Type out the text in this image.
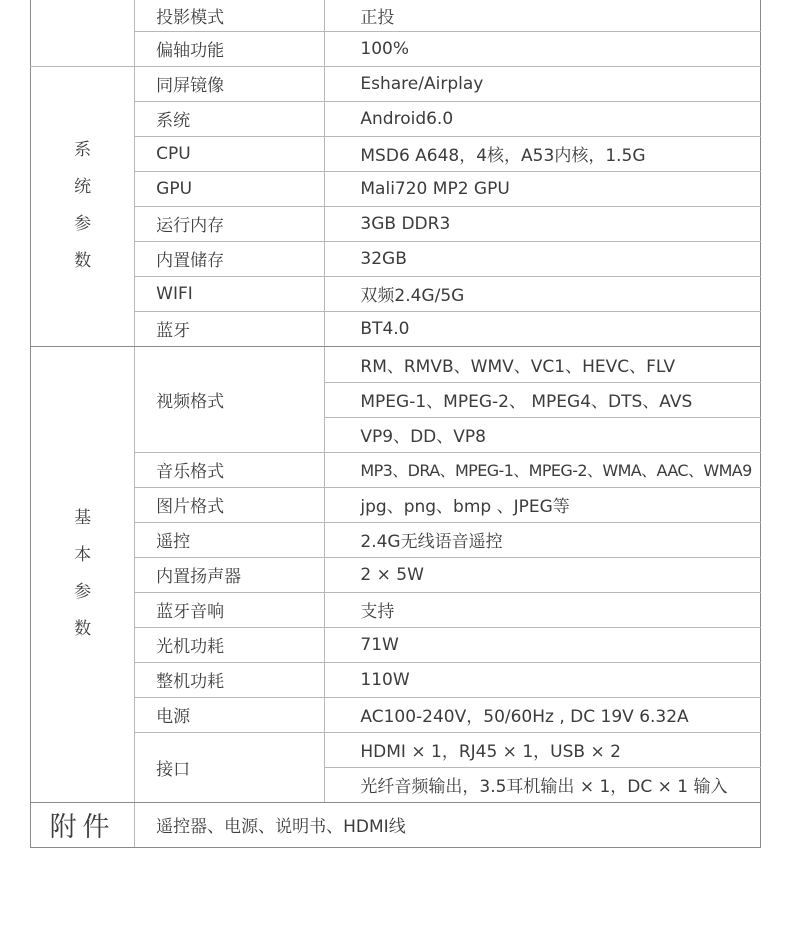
	投影模式	正投
	偏轴功能	100%
系统参数	同屏镜像	Eshare/Airplay
	系统	Android6.0
	CPU	MSD6 A648，4核，A53内核，1.5G
	GPU	Mali720 MP2 GPU
	运行内存	3GB DDR3
	内置储存	32GB
	WIFI	双频2.4G/5G
	蓝牙	BT4.0
基本参数	视频格式	RM、RMVB、WMV、VC1、HEVC、FLV
		MPEG-1、MPEG-2、 MPEG4、DTS、AVS
		VP9、DD、VP8
	音乐格式	MP3、DRA、MPEG-1、MPEG-2、WMA、AAC、WMA9
	图片格式	jpg、png、bmp 、JPEG等
	遥控	2.4G无线语音遥控
	内置扬声器	2 × 5W
	蓝牙音响	支持
	光机功耗	71W
	整机功耗	110W
	电源	AC100-240V，50/60Hz , DC 19V 6.32A
	接口	HDMI × 1，RJ45 × 1，USB × 2
		光纤音频输出，3.5耳机输出 × 1，DC × 1 输入
附件	遥控器、电源、说明书、HDMI线	
